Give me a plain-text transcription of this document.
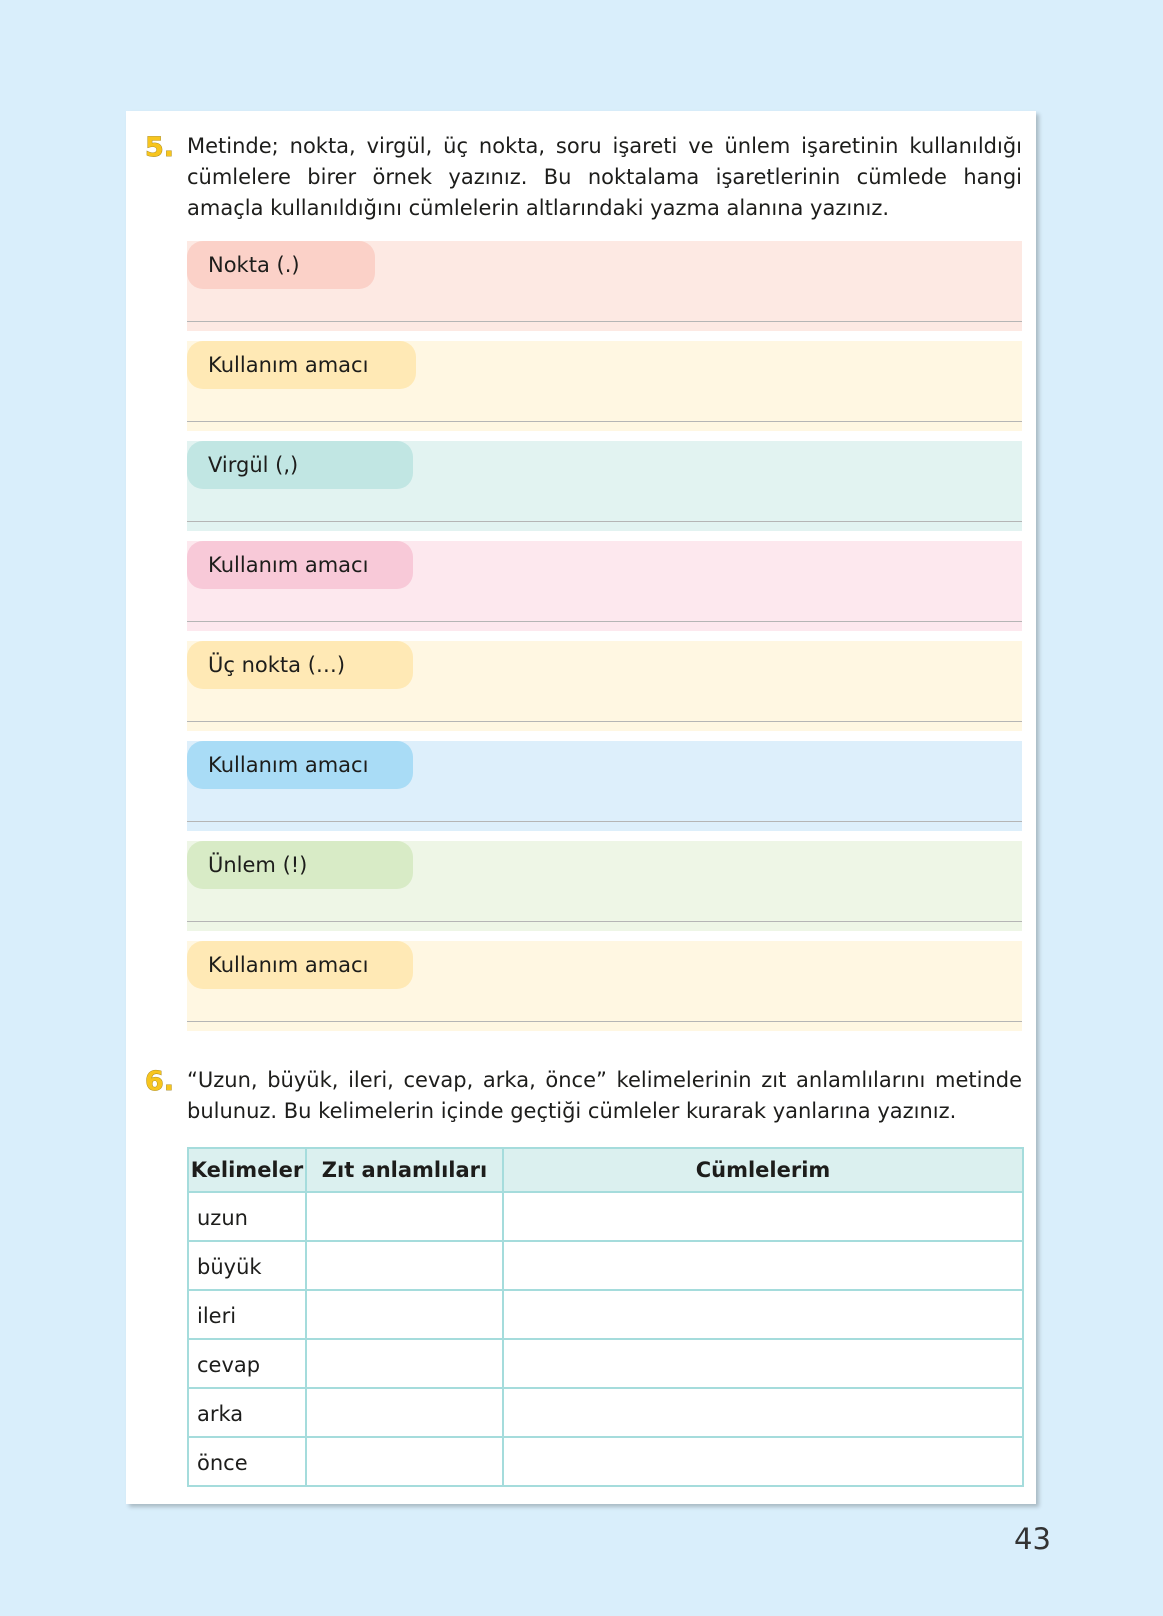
5. Metinde; nokta, virgül, üç nokta, soru işareti ve ünlem işaretinin kullanıldığı cümlelere birer örnek yazınız. Bu noktalama işaretlerinin cümlede hangi amaçla kullanıldığını cümlelerin altlarındaki yazma alanına yazınız.

Nokta (.)
Kullanım amacı
Virgül (,)
Kullanım amacı
Üç nokta (…)
Kullanım amacı
Ünlem (!)
Kullanım amacı
6. “Uzun, büyük, ileri, cevap, arka, önce” kelimelerinin zıt anlamlılarını metinde bulunuz. Bu kelimelerin içinde geçtiği cümleler kurarak yanlarına yazınız.

Kelimeler	Zıt anlamlıları	Cümlelerim
uzun		
büyük		
ileri		
cevap		
arka		
önce		
43
